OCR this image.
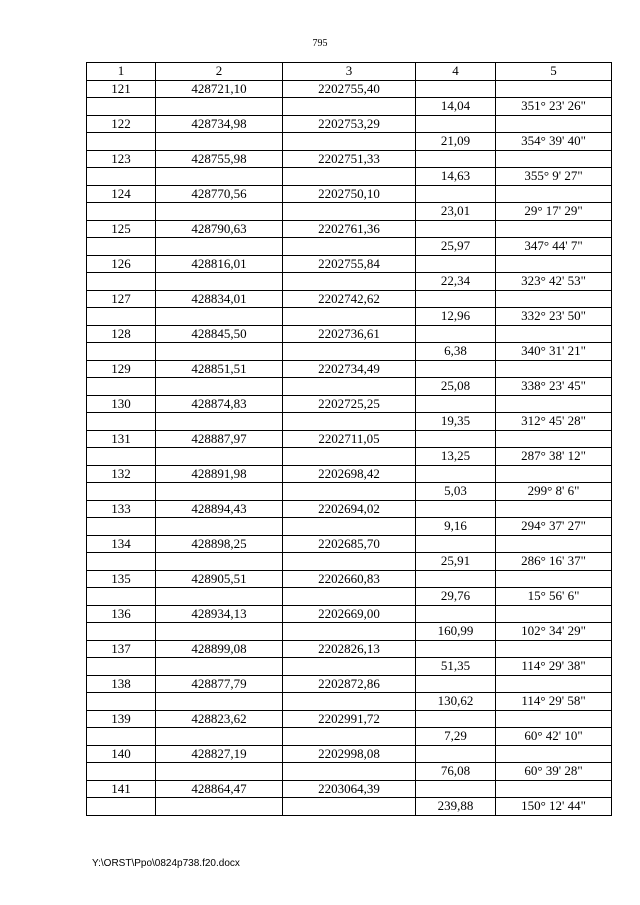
795
1	2	3	4	5
121	428721,10	2202755,40		
			14,04	351° 23' 26"
122	428734,98	2202753,29		
			21,09	354° 39' 40"
123	428755,98	2202751,33		
			14,63	355° 9' 27"
124	428770,56	2202750,10		
			23,01	29° 17' 29"
125	428790,63	2202761,36		
			25,97	347° 44' 7"
126	428816,01	2202755,84		
			22,34	323° 42' 53"
127	428834,01	2202742,62		
			12,96	332° 23' 50"
128	428845,50	2202736,61		
			6,38	340° 31' 21"
129	428851,51	2202734,49		
			25,08	338° 23' 45"
130	428874,83	2202725,25		
			19,35	312° 45' 28"
131	428887,97	2202711,05		
			13,25	287° 38' 12"
132	428891,98	2202698,42		
			5,03	299° 8' 6"
133	428894,43	2202694,02		
			9,16	294° 37' 27"
134	428898,25	2202685,70		
			25,91	286° 16' 37"
135	428905,51	2202660,83		
			29,76	15° 56' 6"
136	428934,13	2202669,00		
			160,99	102° 34' 29"
137	428899,08	2202826,13		
			51,35	114° 29' 38"
138	428877,79	2202872,86		
			130,62	114° 29' 58"
139	428823,62	2202991,72		
			7,29	60° 42' 10"
140	428827,19	2202998,08		
			76,08	60° 39' 28"
141	428864,47	2203064,39		
			239,88	150° 12' 44"
Y:\ORST\Ppo\0824p738.f20.docx
